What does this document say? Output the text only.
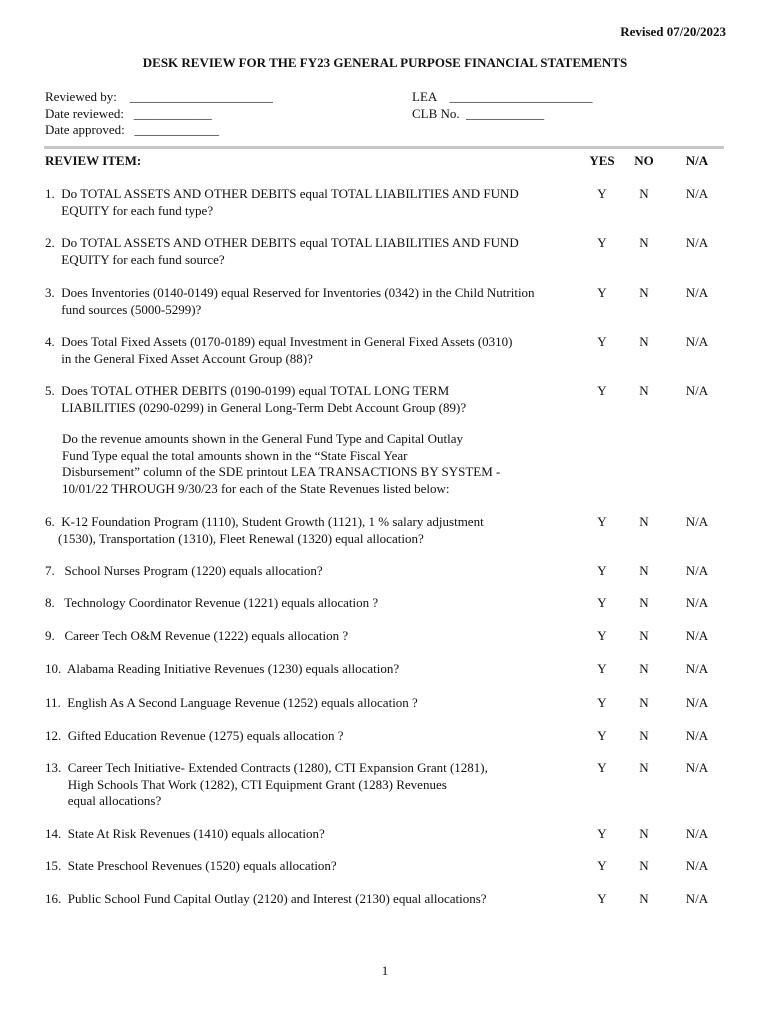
Revised 07/20/2023
DESK REVIEW FOR THE FY23 GENERAL PURPOSE FINANCIAL STATEMENTS
Reviewed by:    ______________________
Date reviewed:   ____________
Date approved:   _____________
LEA    ______________________
CLB No.  ____________
REVIEW ITEM:	YES	NO	N/A
1.  Do TOTAL ASSETS AND OTHER DEBITS equal TOTAL LIABILITIES AND FUND
EQUITY for each fund type?
Y	N	N/A
2.  Do TOTAL ASSETS AND OTHER DEBITS equal TOTAL LIABILITIES AND FUND
EQUITY for each fund source?
Y	N	N/A
3.  Does Inventories (0140-0149) equal Reserved for Inventories (0342) in the Child Nutrition
fund sources (5000-5299)?
Y	N	N/A
4.  Does Total Fixed Assets (0170-0189) equal Investment in General Fixed Assets (0310)
in the General Fixed Asset Account Group (88)?
Y	N	N/A
5.  Does TOTAL OTHER DEBITS (0190-0199) equal TOTAL LONG TERM
LIABILITIES (0290-0299) in General Long-Term Debt Account Group (89)?
Y	N	N/A
6.  K-12 Foundation Program (1110), Student Growth (1121), 1 % salary adjustment
(1530), Transportation (1310), Fleet Renewal (1320) equal allocation?
Y	N	N/A
7.   School Nurses Program (1220) equals allocation?	Y	N	N/A
8.   Technology Coordinator Revenue (1221) equals allocation ?	Y	N	N/A
9.   Career Tech O&M Revenue (1222) equals allocation ?	Y	N	N/A
10.  Alabama Reading Initiative Revenues (1230) equals allocation?	Y	N	N/A
11.  English As A Second Language Revenue (1252) equals allocation ?	Y	N	N/A
12.  Gifted Education Revenue (1275) equals allocation ?	Y	N	N/A
13.  Career Tech Initiative- Extended Contracts (1280), CTI Expansion Grant (1281),
High Schools That Work (1282), CTI Equipment Grant (1283) Revenues
equal allocations?
Y	N	N/A
14.  State At Risk Revenues (1410) equals allocation?	Y	N	N/A
15.  State Preschool Revenues (1520) equals allocation?	Y	N	N/A
16.  Public School Fund Capital Outlay (2120) and Interest (2130) equal allocations?	Y	N	N/A
Do the revenue amounts shown in the General Fund Type and Capital Outlay
Fund Type equal the total amounts shown in the “State Fiscal Year
Disbursement” column of the SDE printout LEA TRANSACTIONS BY SYSTEM -
10/01/22 THROUGH 9/30/23 for each of the State Revenues listed below:
1
